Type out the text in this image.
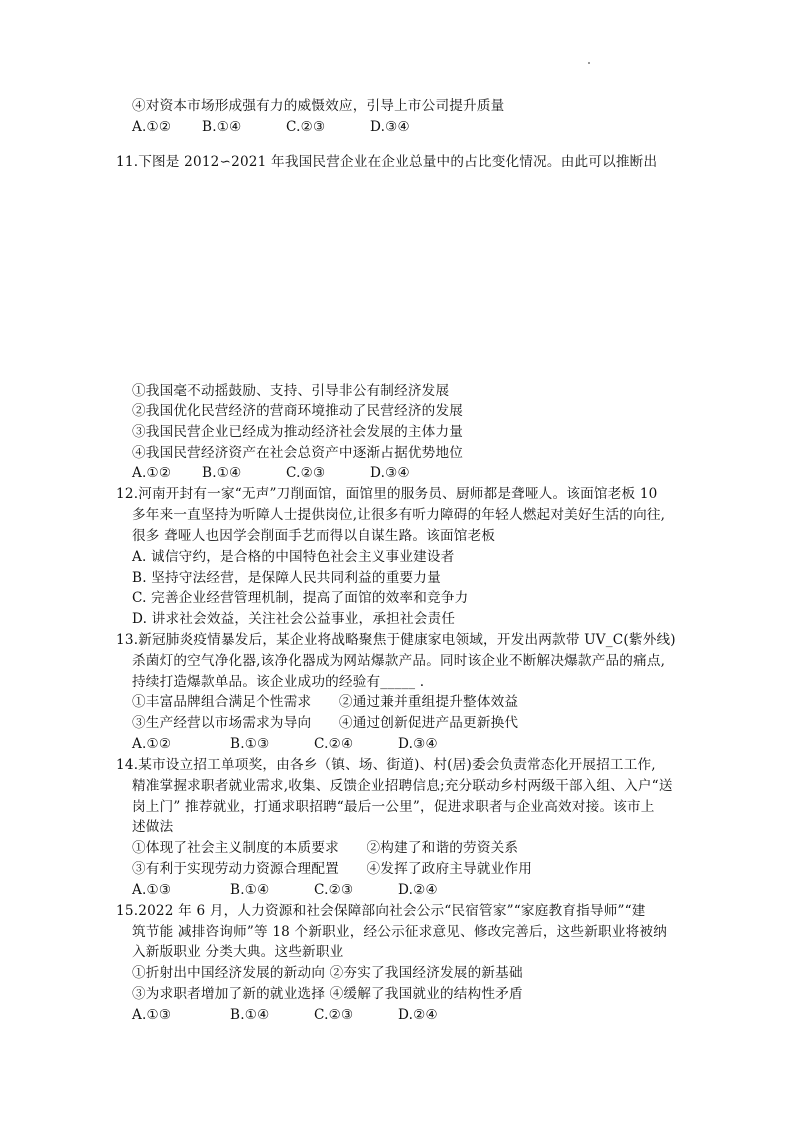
④对资本市场形成强有力的威慑效应，引导上市公司提升质量
A.①② B.①④	C.②③	D.③④
11.下图是 2012∽2021 年我国民营企业在企业总量中的占比变化情况。由此可以推断出
①我国毫不动摇鼓励、支持、引导非公有制经济发展
②我国优化民营经济的营商环境推动了民营经济的发展
③我国民营企业已经成为推动经济社会发展的主体力量
④我国民营经济资产在社会总资产中逐渐占据优势地位
A.①② B.①④	C.②③	D.③④
12.河南开封有一家“无声”刀削面馆，面馆里的服务员、厨师都是聋哑人。该面馆老板 10
多年来一直坚持为听障人士提供岗位,让很多有听力障碍的年轻人燃起对美好生活的向往,
很多 聋哑人也因学会削面手艺而得以自谋生路。该面馆老板
A. 诚信守约，是合格的中国特色社会主义事业建设者
B. 坚持守法经营，是保障人民共同利益的重要力量
C. 完善企业经营管理机制，提高了面馆的效率和竞争力
D. 讲求社会效益，关注社会公益事业，承担社会责任
13.新冠肺炎疫情暴发后，某企业将战略聚焦于健康家电领域，开发出两款带 UV_C(紫外线)
杀菌灯的空气净化器,该净化器成为网站爆款产品。同时该企业不断解决爆款产品的痛点,
持续打造爆款单品。该企业成功的经验有_____ .
①丰富品牌组合满足个性需求　　②通过兼并重组提升整体效益
③生产经营以市场需求为导向　　④通过创新促进产品更新换代
A.①②	B.①③	C.②④	D.③④
14.某市设立招工单项奖，由各乡（镇、场、街道)、村(居)委会负责常态化开展招工工作,
精准掌握求职者就业需求,收集、反馈企业招聘信息;充分联动乡村两级干部入组、入户“送
岗上门” 推荐就业，打通求职招聘“最后一公里”，促进求职者与企业高效对接。该市上
述做法
①体现了社会主义制度的本质要求　　②构建了和谐的劳资关系
③有利于实现劳动力资源合理配置　　④发挥了政府主导就业作用
A.①③	B.①④	C.②③	D.②④
15.2022 年 6 月，人力资源和社会保障部向社会公示“民宿管家”“家庭教育指导师”“建
筑节能 减排咨询师”等 18 个新职业，经公示征求意见、修改完善后，这些新职业将被纳
入新版职业 分类大典。这些新职业
①折射出中国经济发展的新动向 ②夯实了我国经济发展的新基础
③为求职者增加了新的就业选择 ④缓解了我国就业的结构性矛盾
A.①③	B.①④	C.②③	D.②④
